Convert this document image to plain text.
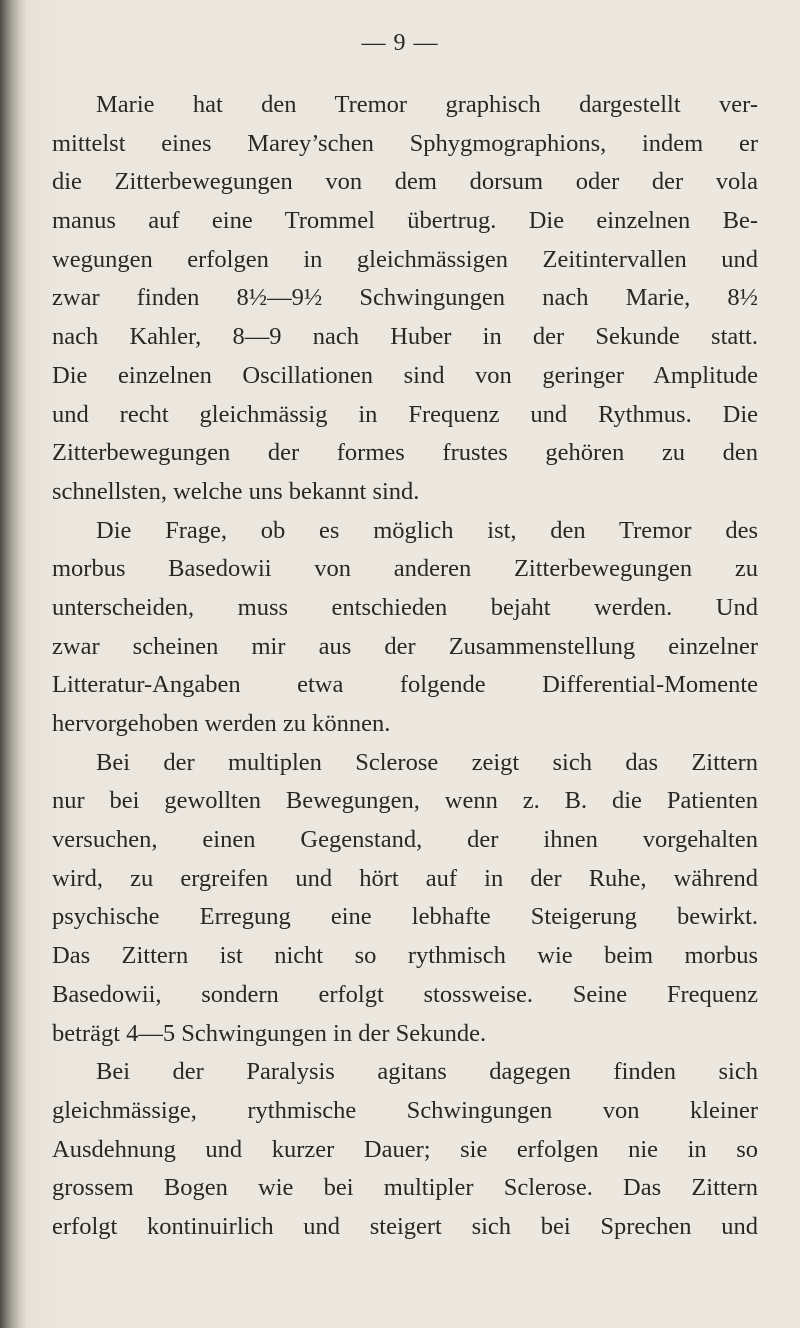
— 9 —
Marie hat den Tremor graphisch dargestellt ver-
mittelst eines Marey’schen Sphygmographions, indem er
die Zitterbewegungen von dem dorsum oder der vola
manus auf eine Trommel übertrug. Die einzelnen Be-
wegungen erfolgen in gleichmässigen Zeitintervallen und
zwar finden 8½—9½ Schwingungen nach Marie, 8½
nach Kahler, 8—9 nach Huber in der Sekunde statt.
Die einzelnen Oscillationen sind von geringer Amplitude
und recht gleichmässig in Frequenz und Rythmus. Die
Zitterbewegungen der formes frustes gehören zu den
schnellsten, welche uns bekannt sind.
Die Frage, ob es möglich ist, den Tremor des
morbus Basedowii von anderen Zitterbewegungen zu
unterscheiden, muss entschieden bejaht werden. Und
zwar scheinen mir aus der Zusammenstellung einzelner
Litteratur-Angaben etwa folgende Differential-Momente
hervorgehoben werden zu können.
Bei der multiplen Sclerose zeigt sich das Zittern
nur bei gewollten Bewegungen, wenn z. B. die Patienten
versuchen, einen Gegenstand, der ihnen vorgehalten
wird, zu ergreifen und hört auf in der Ruhe, während
psychische Erregung eine lebhafte Steigerung bewirkt.
Das Zittern ist nicht so rythmisch wie beim morbus
Basedowii, sondern erfolgt stossweise. Seine Frequenz
beträgt 4—5 Schwingungen in der Sekunde.
Bei der Paralysis agitans dagegen finden sich
gleichmässige, rythmische Schwingungen von kleiner
Ausdehnung und kurzer Dauer; sie erfolgen nie in so
grossem Bogen wie bei multipler Sclerose. Das Zittern
erfolgt kontinuirlich und steigert sich bei Sprechen und
